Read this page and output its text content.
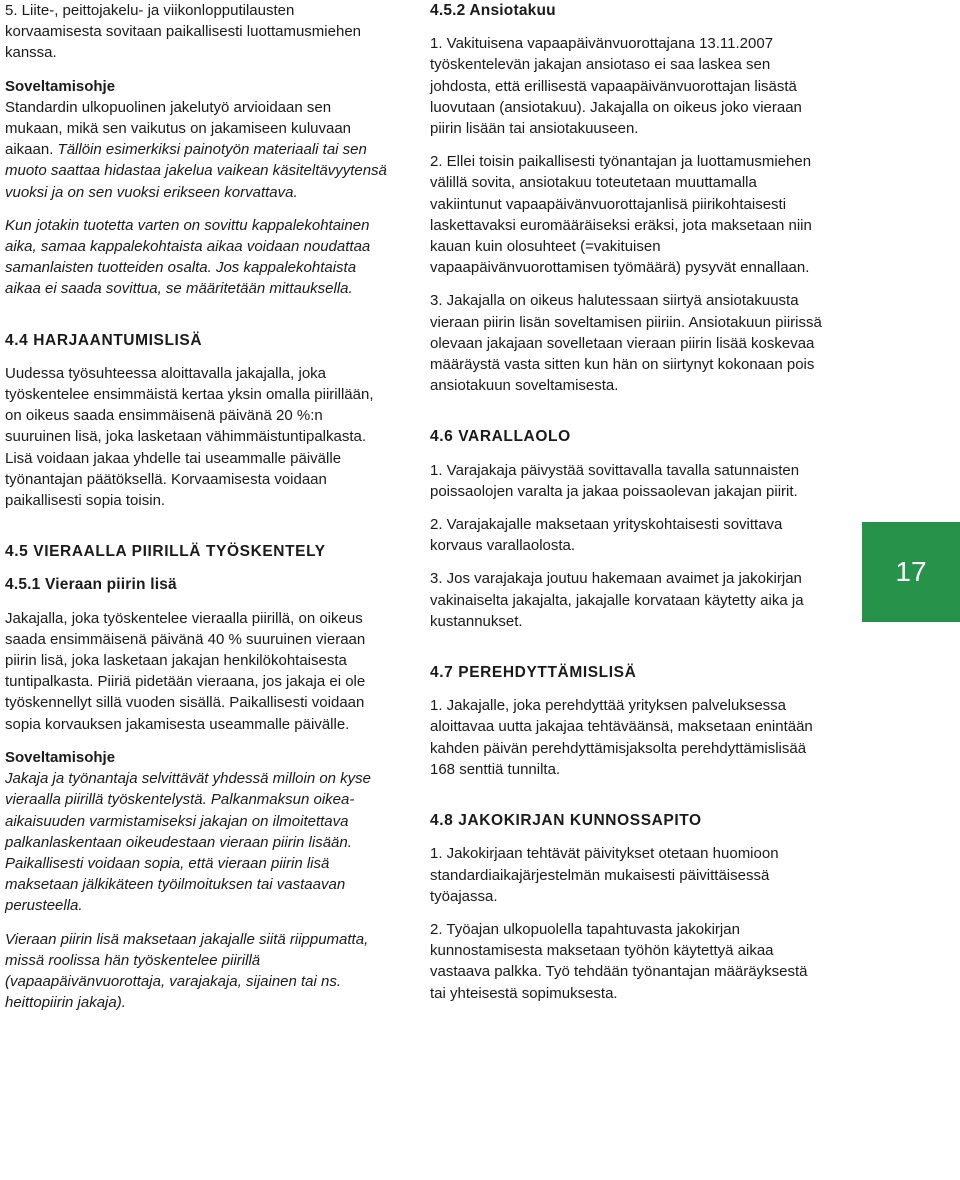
5. Liite-, peittojakelu- ja viikonlopputilausten korvaamisesta sovitaan paikallisesti luottamusmiehen kanssa.

Soveltamisohje

Standardin ulkopuolinen jakelutyö arvioidaan sen mukaan, mikä sen vaikutus on jakamiseen kuluvaan aikaan. Tällöin esimerkiksi painotyön materiaali tai sen muoto saattaa hidastaa jakelua vaikean käsiteltävyytensä vuoksi ja on sen vuoksi erikseen korvattava.

Kun jotakin tuotetta varten on sovittu kappalekohtainen aika, samaa kappalekohtaista aikaa voidaan noudattaa samanlaisten tuotteiden osalta. Jos kappalekohtaista aikaa ei saada sovittua, se määritetään mittauksella.

4.4 HARJAANTUMISLISÄ

Uudessa työsuhteessa aloittavalla jakajalla, joka työskentelee ensimmäistä kertaa yksin omalla piirillään, on oikeus saada ensimmäisenä päivänä 20 %:n suuruinen lisä, joka lasketaan vähimmäistuntipalkasta. Lisä voidaan jakaa yhdelle tai useammalle päivälle työnantajan päätöksellä. Korvaamisesta voidaan paikallisesti sopia toisin.

4.5 VIERAALLA PIIRILLÄ TYÖSKENTELY

4.5.1 Vieraan piirin lisä

Jakajalla, joka työskentelee vieraalla piirillä, on oikeus saada ensimmäisenä päivänä 40 % suuruinen vieraan piirin lisä, joka lasketaan jakajan henkilökohtaisesta tuntipalkasta. Piiriä pidetään vieraana, jos jakaja ei ole työskennellyt sillä vuoden sisällä. Paikallisesti voidaan sopia korvauksen jakamisesta useammalle päivälle.

Soveltamisohje

Jakaja ja työnantaja selvittävät yhdessä milloin on kyse vieraalla piirillä työskentelystä. Palkanmaksun oikea-aikaisuuden varmistamiseksi jakajan on ilmoitettava palkanlaskentaan oikeudestaan vieraan piirin lisään. Paikallisesti voidaan sopia, että vieraan piirin lisä maksetaan jälkikäteen työilmoituksen tai vastaavan perusteella.

Vieraan piirin lisä maksetaan jakajalle siitä riippumatta, missä roolissa hän työskentelee piirillä (vapaapäivänvuorottaja, varajakaja, sijainen tai ns. heittopiirin jakaja).

4.5.2 Ansiotakuu

1. Vakituisena vapaapäivänvuorottajana 13.11.2007 työskentelevän jakajan ansiotaso ei saa laskea sen johdosta, että erillisestä vapaapäivänvuorottajan lisästä luovutaan (ansiotakuu). Jakajalla on oikeus joko vieraan piirin lisään tai ansiotakuuseen.

2. Ellei toisin paikallisesti työnantajan ja luottamusmiehen välillä sovita, ansiotakuu toteutetaan muuttamalla vakiintunut vapaapäivänvuorottajanlisä piirikohtaisesti laskettavaksi euromääräiseksi eräksi, jota maksetaan niin kauan kuin olosuhteet (=vakituisen vapaapäivänvuorottamisen työmäärä) pysyvät ennallaan.

3. Jakajalla on oikeus halutessaan siirtyä ansiotakuusta vieraan piirin lisän soveltamisen piiriin. Ansiotakuun piirissä olevaan jakajaan sovelletaan vieraan piirin lisää koskevaa määräystä vasta sitten kun hän on siirtynyt kokonaan pois ansiotakuun soveltamisesta.

4.6 VARALLAOLO

1. Varajakaja päivystää sovittavalla tavalla satunnaisten poissaolojen varalta ja jakaa poissaolevan jakajan piirit.

2. Varajakajalle maksetaan yrityskohtaisesti sovittava korvaus varallaolosta.

3. Jos varajakaja joutuu hakemaan avaimet ja jakokirjan vakinaiselta jakajalta, jakajalle korvataan käytetty aika ja kustannukset.

4.7 PEREHDYTTÄMISLISÄ

1. Jakajalle, joka perehdyttää yrityksen palveluksessa aloittavaa uutta jakajaa tehtäväänsä, maksetaan enintään kahden päivän perehdyttämisjaksolta perehdyttämislisää 168 senttiä tunnilta.

4.8 JAKOKIRJAN KUNNOSSAPITO

1. Jakokirjaan tehtävät päivitykset otetaan huomioon standardiaikajärjestelmän mukaisesti päivittäisessä työajassa.

2. Työajan ulkopuolella tapahtuvasta jakokirjan kunnostamisesta maksetaan työhön käytettyä aikaa vastaava palkka. Työ tehdään työnantajan määräyksestä tai yhteisestä sopimuksesta.

17
